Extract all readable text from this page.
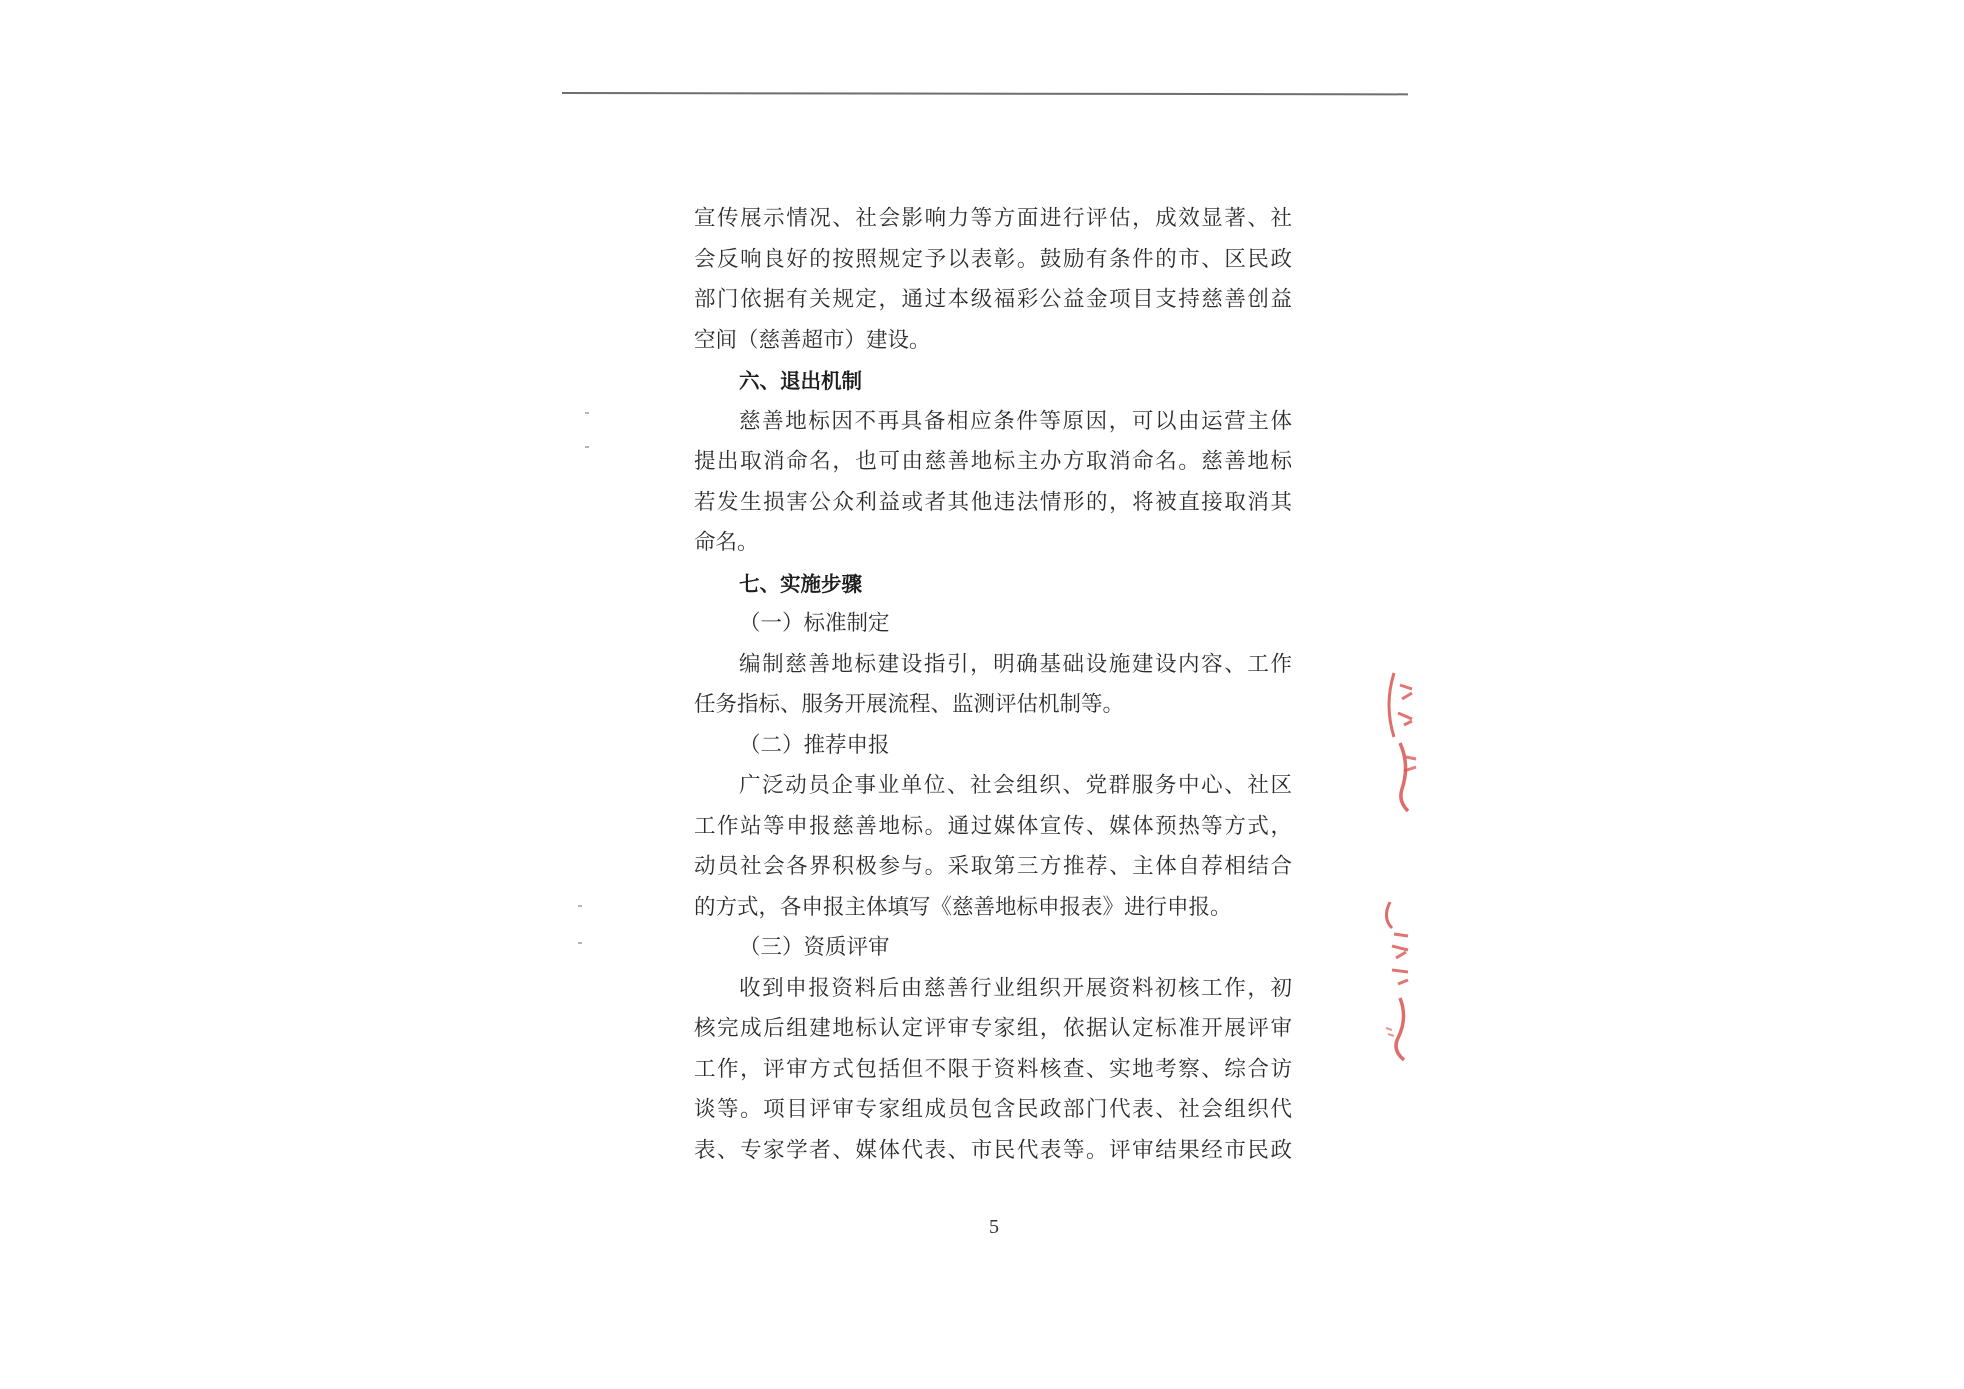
宣传展示情况、社会影响力等方面进行评估，成效显著、社
会反响良好的按照规定予以表彰。鼓励有条件的市、区民政
部门依据有关规定，通过本级福彩公益金项目支持慈善创益
空间（慈善超市）建设。
六、退出机制
慈善地标因不再具备相应条件等原因，可以由运营主体
提出取消命名，也可由慈善地标主办方取消命名。慈善地标
若发生损害公众利益或者其他违法情形的，将被直接取消其
命名。
七、实施步骤
（一）标准制定
编制慈善地标建设指引，明确基础设施建设内容、工作
任务指标、服务开展流程、监测评估机制等。
（二）推荐申报
广泛动员企事业单位、社会组织、党群服务中心、社区
工作站等申报慈善地标。通过媒体宣传、媒体预热等方式，
动员社会各界积极参与。采取第三方推荐、主体自荐相结合
的方式，各申报主体填写《慈善地标申报表》进行申报。
（三）资质评审
收到申报资料后由慈善行业组织开展资料初核工作，初
核完成后组建地标认定评审专家组，依据认定标准开展评审
工作，评审方式包括但不限于资料核查、实地考察、综合访
谈等。项目评审专家组成员包含民政部门代表、社会组织代
表、专家学者、媒体代表、市民代表等。评审结果经市民政
5
